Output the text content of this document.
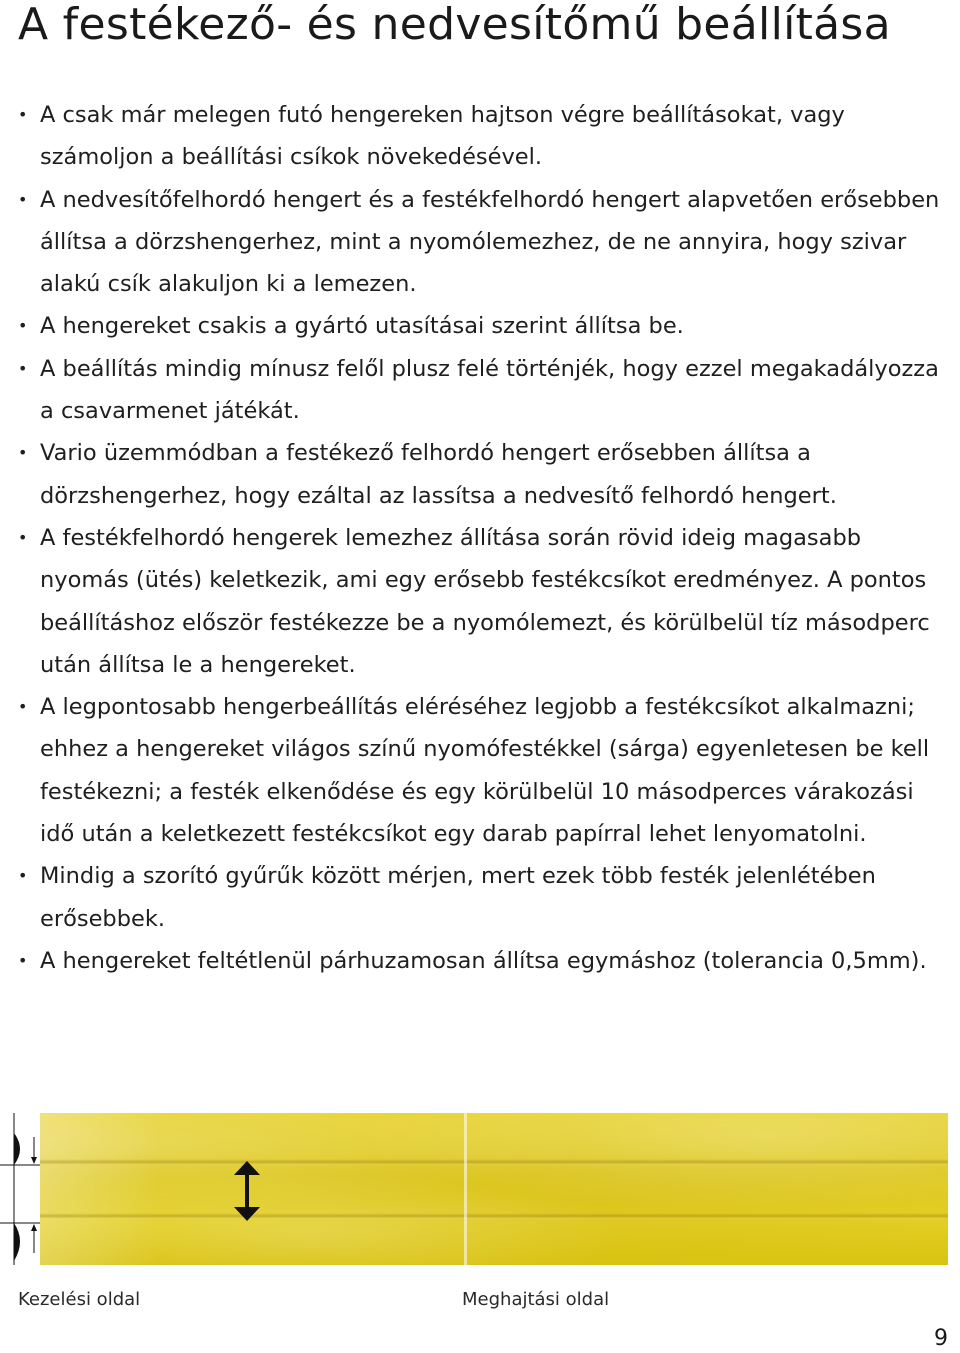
A festékező- és nedvesítőmű beállítása
• A csak már melegen futó hengereken hajtson végre beállításokat, vagy számoljon a beállítási csíkok növekedésével.
• A nedvesítőfelhordó hengert és a festékfelhordó hengert alapvetően erősebben állítsa a dörzshengerhez, mint a nyomólemezhez, de ne annyira, hogy szivar alakú csík alakuljon ki a lemezen.
• A hengereket csakis a gyártó utasításai szerint állítsa be.
• A beállítás mindig mínusz felől plusz felé történjék, hogy ezzel megakadályozza a csavarmenet játékát.
• Vario üzemmódban a festékező felhordó hengert erősebben állítsa a dörzshengerhez, hogy ezáltal az lassítsa a nedvesítő felhordó hengert.
• A festékfelhordó hengerek lemezhez állítása során rövid ideig magasabb nyomás (ütés) keletkezik, ami egy erősebb festékcsíkot eredményez. A pontos beállításhoz először festékezze be a nyomólemezt, és körülbelül tíz másodperc után állítsa le a hengereket.
• A legpontosabb hengerbeállítás eléréséhez legjobb a festékcsíkot alkalmazni; ehhez a hengereket világos színű nyomófestékkel (sárga) egyenletesen be kell festékezni; a festék elkenődése és egy körülbelül 10 másodperces várakozási idő után a keletkezett festékcsíkot egy darab papírral lehet lenyomatolni.
• Mindig a szorító gyűrűk között mérjen, mert ezek több festék jelenlétében erősebbek.
• A hengereket feltétlenül párhuzamosan állítsa egymáshoz (tolerancia 0,5mm).
Kezelési oldal	Meghajtási oldal
9
